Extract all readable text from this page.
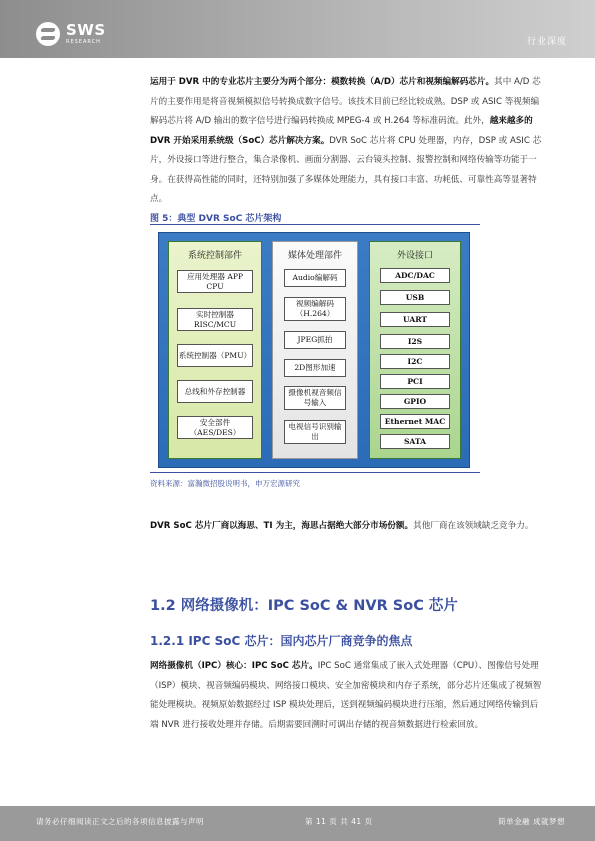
SWS
RESEARCH	行业深度
运用于 DVR 中的专业芯片主要分为两个部分：模数转换（A/D）芯片和视频编解码芯片。其中 A/D 芯片的主要作用是将音视频模拟信号转换成数字信号。该技术目前已经比较成熟。DSP 或 ASIC 等视频编解码芯片将 A/D 输出的数字信号进行编码转换成 MPEG-4 或 H.264 等标准码流。此外，越来越多的 DVR 开始采用系统级（SoC）芯片解决方案。DVR SoC 芯片将 CPU 处理器，内存，DSP 或 ASIC 芯片，外设接口等进行整合，集合录像机、画面分割器、云台镜头控制、报警控制和网络传输等功能于一身。在获得高性能的同时，还特别加强了多媒体处理能力，具有接口丰富、功耗低、可靠性高等显著特点。
图 5：典型 DVR SoC 芯片架构
系统控制部件
应用处理器 APP CPU
实时控制器 RISC/MCU
系统控制器（PMU）
总线和外存控制器
安全部件（AES/DES）
媒体处理部件
Audio编解码
视频编解码（H.264）
JPEG抓拍
2D图形加速
摄像机视音频信号输入
电视信号识别输出
外设接口
ADC/DAC
USB
UART
I2S
I2C
PCI
GPIO
Ethernet MAC
SATA
资料来源：富瀚微招股说明书，申万宏源研究
DVR SoC 芯片厂商以海思、TI 为主，海思占据绝大部分市场份额。其他厂商在该领域缺乏竞争力。
1.2 网络摄像机：IPC SoC & NVR SoC 芯片
1.2.1 IPC SoC 芯片：国内芯片厂商竞争的焦点
网络摄像机（IPC）核心：IPC SoC 芯片。IPC SoC 通常集成了嵌入式处理器（CPU）、图像信号处理（ISP）模块、视音频编码模块、网络接口模块、安全加密模块和内存子系统，部分芯片还集成了视频智能处理模块。视频原始数据经过 ISP 模块处理后，送到视频编码模块进行压缩，然后通过网络传输到后端 NVR 进行接收处理并存储。后期需要回溯时可调出存储的视音频数据进行检索回放。
请务必仔细阅读正文之后的各项信息披露与声明	第 11 页 共 41 页	简单金融 成就梦想
